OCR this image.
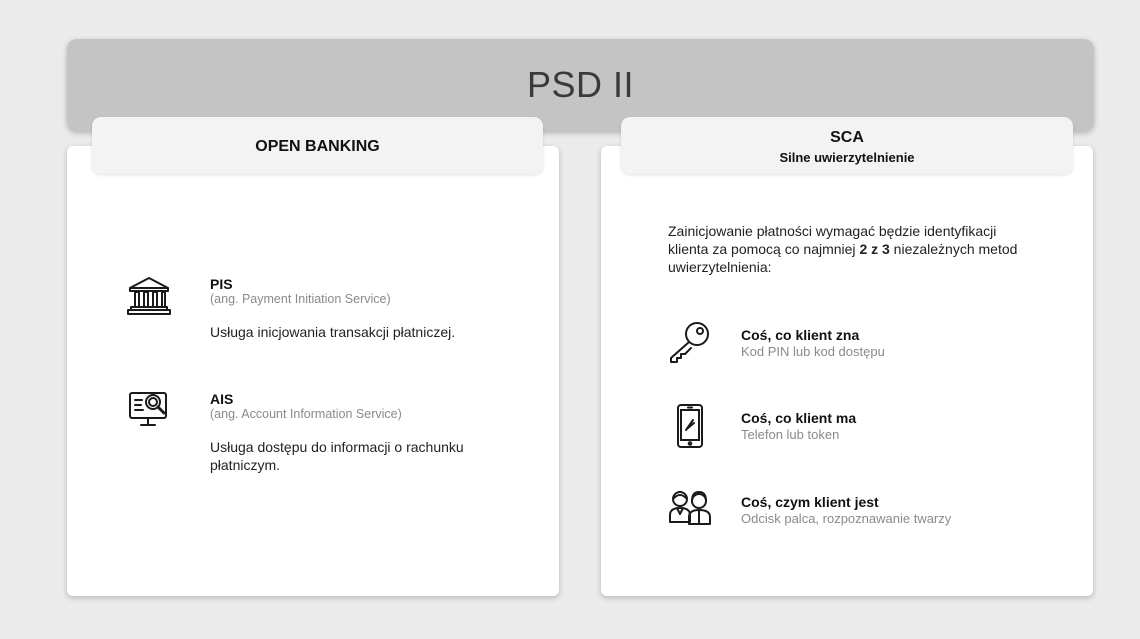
PSD II
OPEN BANKING
SCA
Silne uwierzytelnienie
PIS
(ang. Payment Initiation Service)
Usługa inicjowania transakcji płatniczej.
AIS
(ang. Account Information Service)
Usługa dostępu do informacji o rachunku płatniczym.
Zainicjowanie płatności wymagać będzie identyfikacji klienta za pomocą co najmniej 2 z 3 niezależnych metod uwierzytelnienia:
Coś, co klient zna
Kod PIN lub kod dostępu
Coś, co klient ma
Telefon lub token
Coś, czym klient jest
Odcisk palca, rozpoznawanie twarzy
